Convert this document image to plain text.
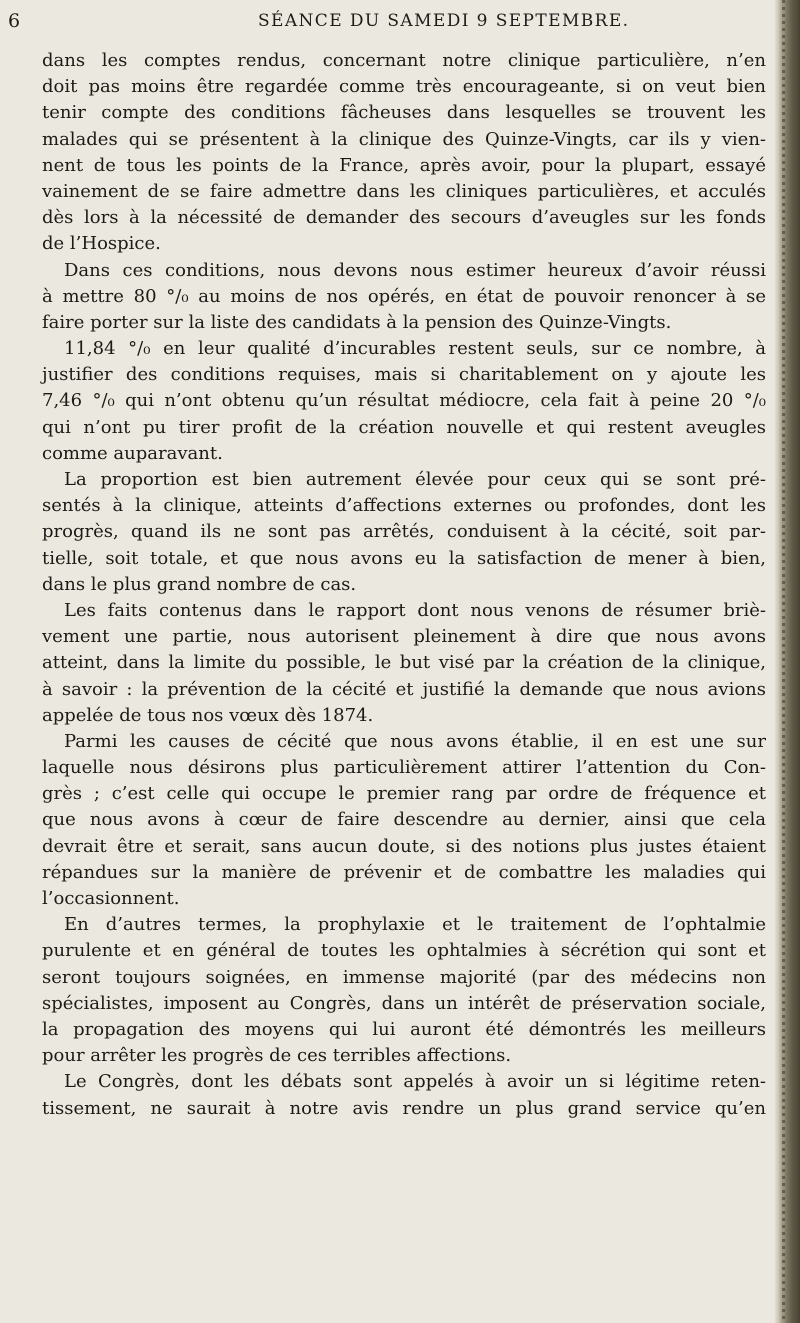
6	SÉANCE DU SAMEDI 9 SEPTEMBRE.
dans les comptes rendus, concernant notre clinique particulière, n’en
doit pas moins être regardée comme très encourageante, si on veut bien
tenir compte des conditions fâcheuses dans lesquelles se trouvent les
malades qui se présentent à la clinique des Quinze-Vingts, car ils y vien-
nent de tous les points de la France, après avoir, pour la plupart, essayé
vainement de se faire admettre dans les cliniques particulières, et acculés
dès lors à la nécessité de demander des secours d’aveugles sur les fonds
de l’Hospice.
Dans ces conditions, nous devons nous estimer heureux d’avoir réussi
à mettre 80 °/₀ au moins de nos opérés, en état de pouvoir renoncer à se
faire porter sur la liste des candidats à la pension des Quinze-Vingts.
11,84 °/₀ en leur qualité d’incurables restent seuls, sur ce nombre, à
justifier des conditions requises, mais si charitablement on y ajoute les
7,46 °/₀ qui n’ont obtenu qu’un résultat médiocre, cela fait à peine 20 °/₀
qui n’ont pu tirer profit de la création nouvelle et qui restent aveugles
comme auparavant.
La proportion est bien autrement élevée pour ceux qui se sont pré-
sentés à la clinique, atteints d’affections externes ou profondes, dont les
progrès, quand ils ne sont pas arrêtés, conduisent à la cécité, soit par-
tielle, soit totale, et que nous avons eu la satisfaction de mener à bien,
dans le plus grand nombre de cas.
Les faits contenus dans le rapport dont nous venons de résumer briè-
vement une partie, nous autorisent pleinement à dire que nous avons
atteint, dans la limite du possible, le but visé par la création de la clinique,
à savoir : la prévention de la cécité et justifié la demande que nous avions
appelée de tous nos vœux dès 1874.
Parmi les causes de cécité que nous avons établie, il en est une sur
laquelle nous désirons plus particulièrement attirer l’attention du Con-
grès ; c’est celle qui occupe le premier rang par ordre de fréquence et
que nous avons à cœur de faire descendre au dernier, ainsi que cela
devrait être et serait, sans aucun doute, si des notions plus justes étaient
répandues sur la manière de prévenir et de combattre les maladies qui
l’occasionnent.
En d’autres termes, la prophylaxie et le traitement de l’ophtalmie
purulente et en général de toutes les ophtalmies à sécrétion qui sont et
seront toujours soignées, en immense majorité (par des médecins non
spécialistes, imposent au Congrès, dans un intérêt de préservation sociale,
la propagation des moyens qui lui auront été démontrés les meilleurs
pour arrêter les progrès de ces terribles affections.
Le Congrès, dont les débats sont appelés à avoir un si légitime reten-
tissement, ne saurait à notre avis rendre un plus grand service qu’en
